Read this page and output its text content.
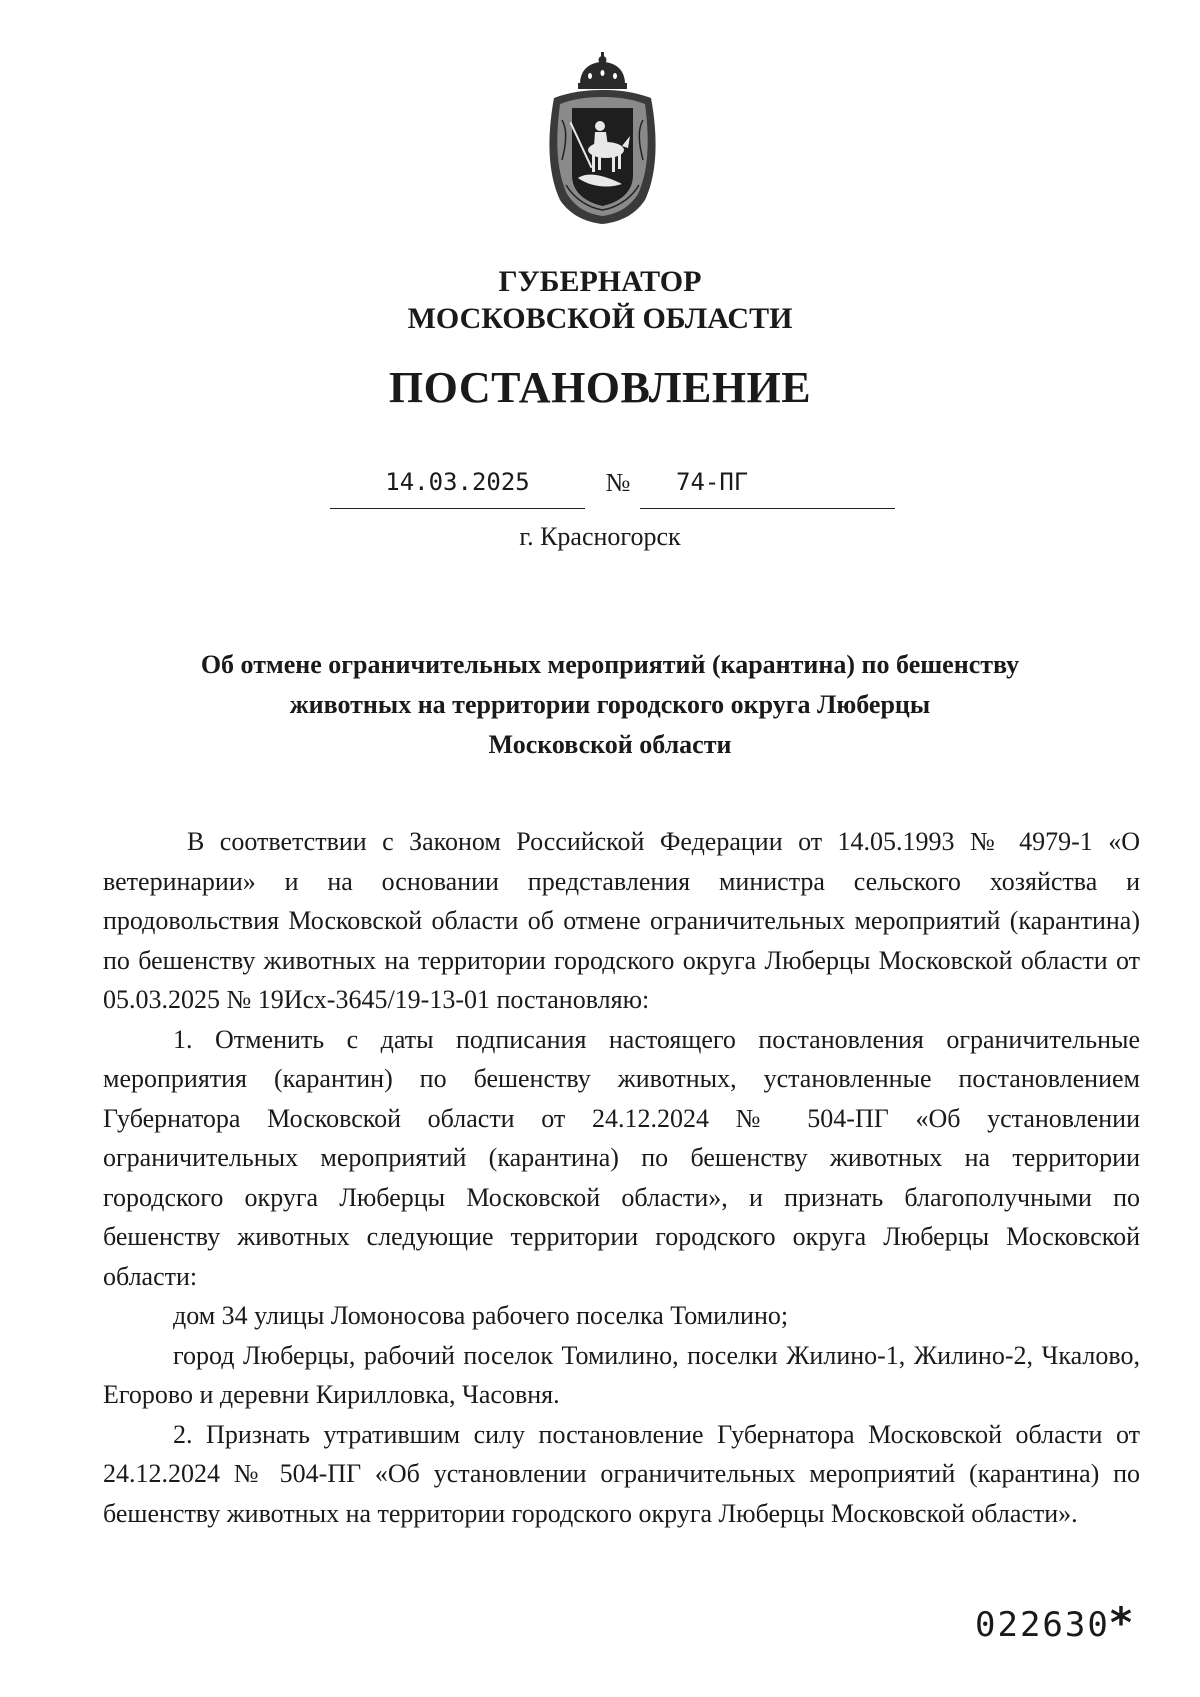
ГУБЕРНАТОР
МОСКОВСКОЙ ОБЛАСТИ
ПОСТАНОВЛЕНИЕ
14.03.2025	№	74-ПГ
г. Красногорск
Об отмене ограничительных мероприятий (карантина) по бешенству
животных на территории городского округа Люберцы
Московской области

В соответствии с Законом Российской Федерации от 14.05.1993 № 4979-1 «О ветеринарии» и на основании представления министра сельского хозяйства и продовольствия Московской области об отмене ограничительных мероприятий (карантина) по бешенству животных на территории городского округа Люберцы Московской области от 05.03.2025 № 19Исх-3645/19-13-01 постановляю:

1. Отменить с даты подписания настоящего постановления ограничительные мероприятия (карантин) по бешенству животных, установленные постановлением Губернатора Московской области от 24.12.2024 № 504-ПГ «Об установлении ограничительных мероприятий (карантина) по бешенству животных на территории городского округа Люберцы Московской области», и признать благополучными по бешенству животных следующие территории городского округа Люберцы Московской области:

дом 34 улицы Ломоносова рабочего поселка Томилино;

город Люберцы, рабочий поселок Томилино, поселки Жилино-1, Жилино-2, Чкалово, Егорово и деревни Кирилловка, Часовня.

2. Признать утратившим силу постановление Губернатора Московской области от 24.12.2024 № 504-ПГ «Об установлении ограничительных мероприятий (карантина) по бешенству животных на территории городского округа Люберцы Московской области».

022630 *
